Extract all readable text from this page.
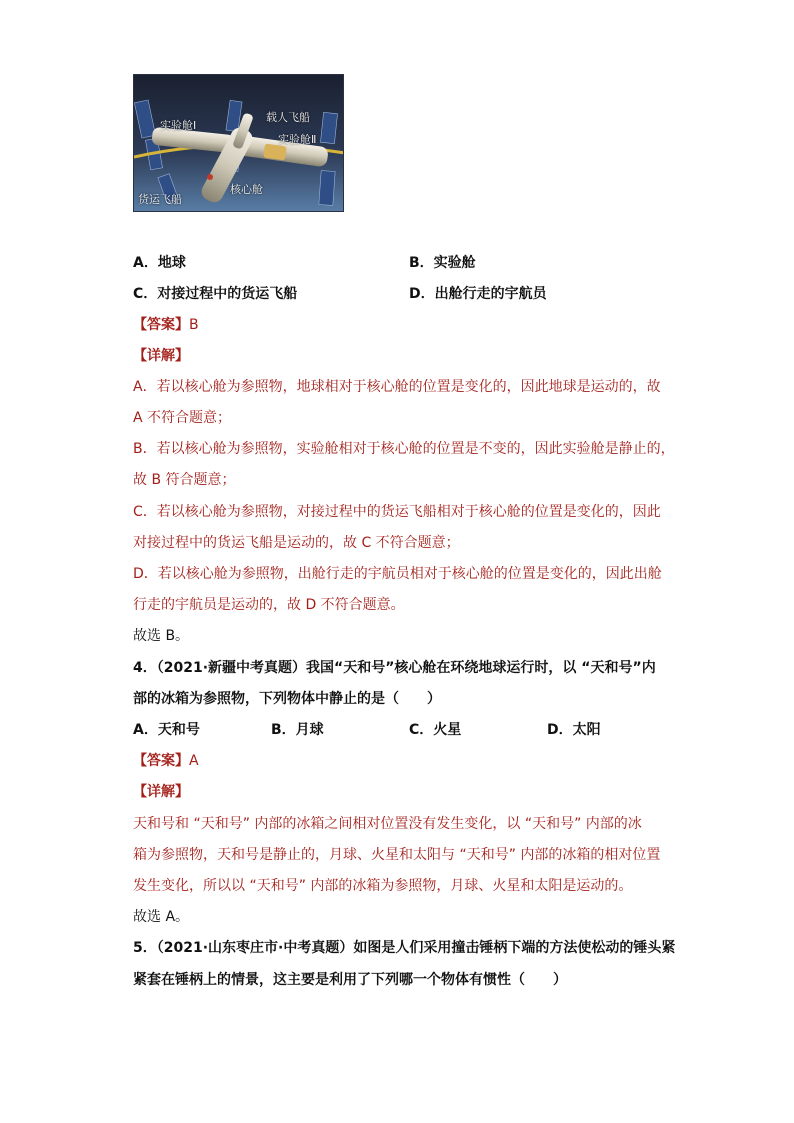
实验舱Ⅰ
载人飞船
实验舱Ⅱ
货运飞船
核心舱
A．地球	B．实验舱
C．对接过程中的货运飞船	D．出舱行走的宇航员
【答案】B
【详解】
A．若以核心舱为参照物，地球相对于核心舱的位置是变化的，因此地球是运动的，故
A 不符合题意；
B．若以核心舱为参照物，实验舱相对于核心舱的位置是不变的，因此实验舱是静止的，
故 B 符合题意；
C．若以核心舱为参照物，对接过程中的货运飞船相对于核心舱的位置是变化的，因此
对接过程中的货运飞船是运动的，故 C 不符合题意；
D．若以核心舱为参照物，出舱行走的宇航员相对于核心舱的位置是变化的，因此出舱
行走的宇航员是运动的，故 D 不符合题意。
故选 B。
4．（2021·新疆中考真题）我国“天和号”核心舱在环绕地球运行时，以 “天和号”内
部的冰箱为参照物，下列物体中静止的是（　　）
A．天和号	B．月球	C．火星	D．太阳
【答案】A
【详解】
天和号和 “天和号” 内部的冰箱之间相对位置没有发生变化，以 “天和号” 内部的冰
箱为参照物，天和号是静止的，月球、火星和太阳与 “天和号” 内部的冰箱的相对位置
发生变化，所以以 “天和号” 内部的冰箱为参照物，月球、火星和太阳是运动的。
故选 A。
5．（2021·山东枣庄市·中考真题）如图是人们采用撞击锤柄下端的方法使松动的锤头紧
紧套在锤柄上的情景，这主要是利用了下列哪一个物体有惯性（　　）
